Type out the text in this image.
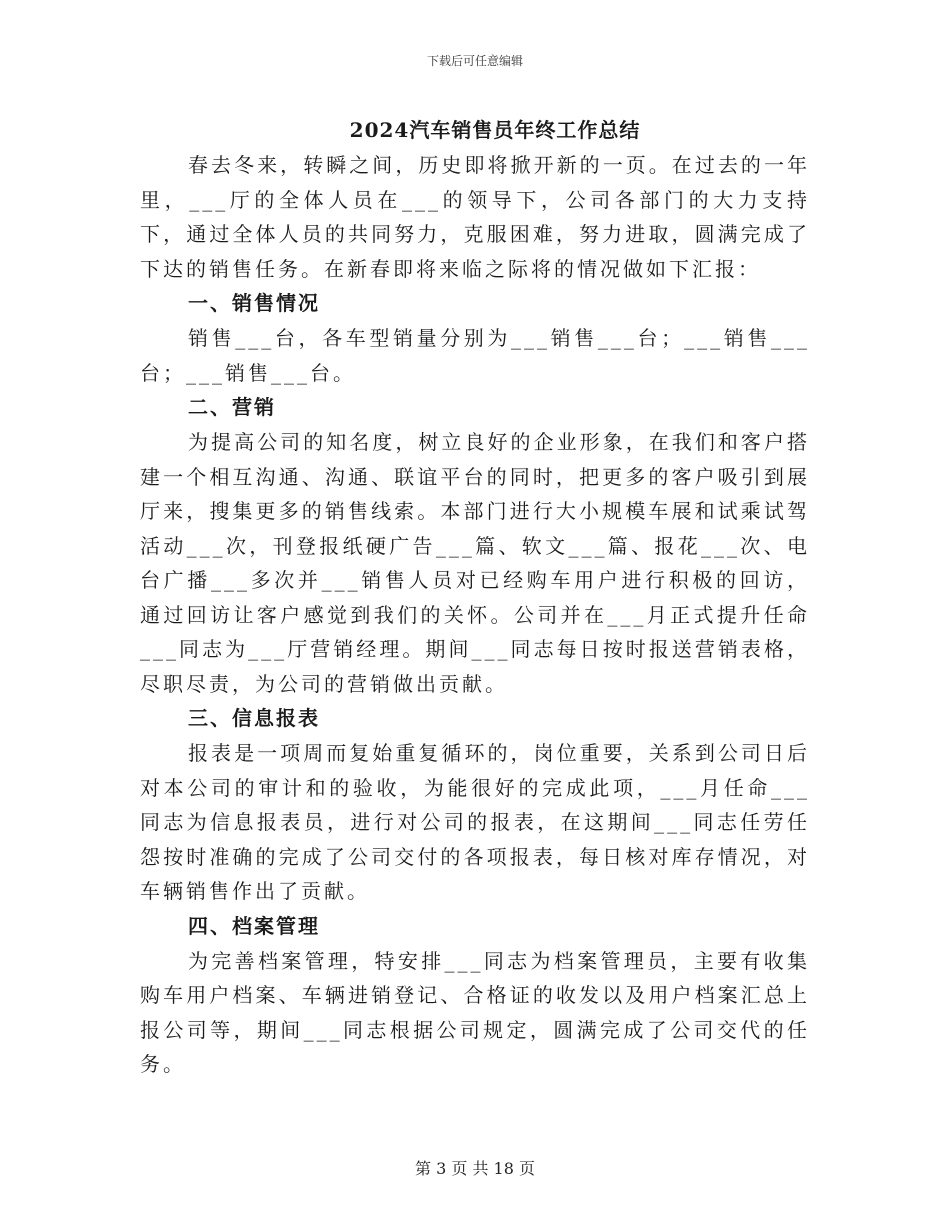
下载后可任意编辑
2024汽车销售员年终工作总结

春去冬来，转瞬之间，历史即将掀开新的一页。在过去的一年里，___厅的全体人员在___的领导下，公司各部门的大力支持下，通过全体人员的共同努力，克服困难，努力进取，圆满完成了下达的销售任务。在新春即将来临之际将的情况做如下汇报：

一、销售情况

销售___台，各车型销量分别为___销售___台；___销售___台；___销售___台。

二、营销

为提高公司的知名度，树立良好的企业形象，在我们和客户搭建一个相互沟通、沟通、联谊平台的同时，把更多的客户吸引到展厅来，搜集更多的销售线索。本部门进行大小规模车展和试乘试驾活动___次，刊登报纸硬广告___篇、软文___篇、报花___次、电台广播___多次并___销售人员对已经购车用户进行积极的回访，通过回访让客户感觉到我们的关怀。公司并在___月正式提升任命___同志为___厅营销经理。期间___同志每日按时报送营销表格，尽职尽责，为公司的营销做出贡献。

三、信息报表

报表是一项周而复始重复循环的，岗位重要，关系到公司日后对本公司的审计和的验收，为能很好的完成此项，___月任命___同志为信息报表员，进行对公司的报表，在这期间___同志任劳任怨按时准确的完成了公司交付的各项报表，每日核对库存情况，对车辆销售作出了贡献。

四、档案管理

为完善档案管理，特安排___同志为档案管理员，主要有收集购车用户档案、车辆进销登记、合格证的收发以及用户档案汇总上报公司等，期间___同志根据公司规定，圆满完成了公司交代的任务。

第 3 页 共 18 页
